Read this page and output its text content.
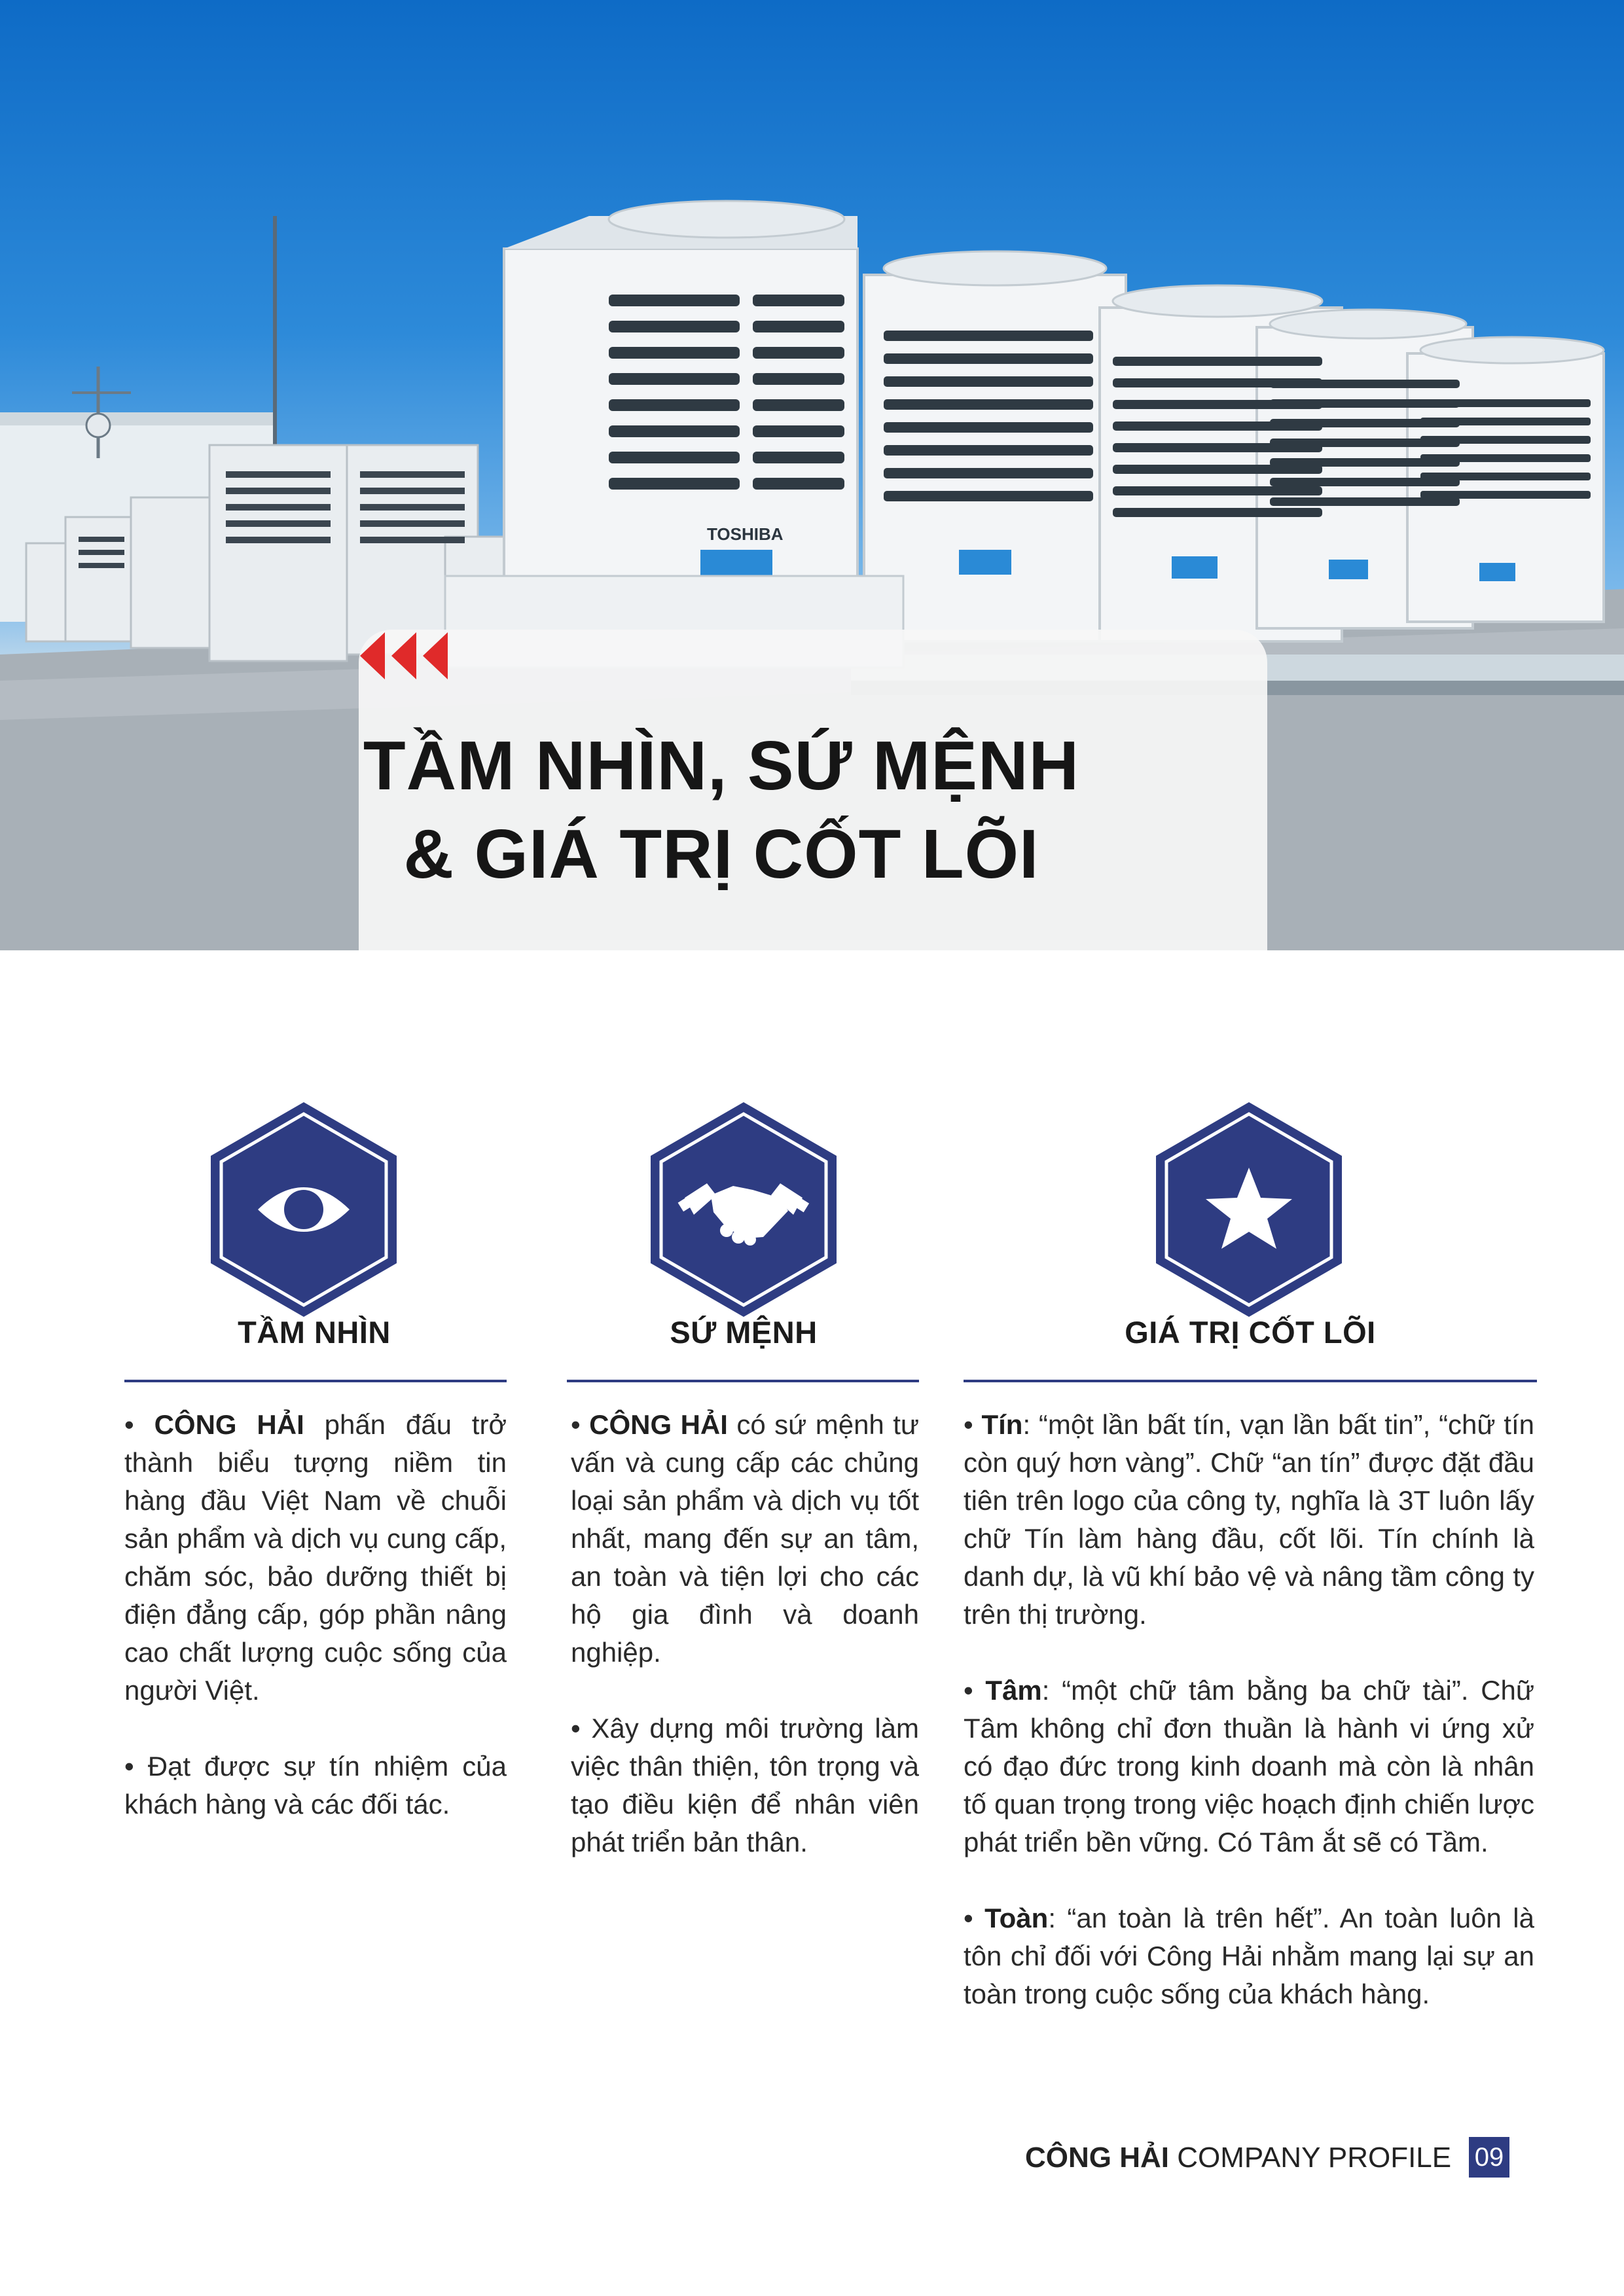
TOSHIBA
TẦM NHÌN, SỨ MỆNH
& GIÁ TRỊ CỐT LÕI
TẦM NHÌN

• CÔNG HẢI phấn đấu trở thành biểu tượng niềm tin hàng đầu Việt Nam về chuỗi sản phẩm và dịch vụ cung cấp, chăm sóc, bảo dưỡng thiết bị điện đẳng cấp, góp phần nâng cao chất lượng cuộc sống của người Việt.

• Đạt được sự tín nhiệm của khách hàng và các đối tác.

SỨ MỆNH

• CÔNG HẢI có sứ mệnh tư vấn và cung cấp các chủng loại sản phẩm và dịch vụ tốt nhất, mang đến sự an tâm, an toàn và tiện lợi cho các hộ gia đình và doanh nghiệp.

• Xây dựng môi trường làm việc thân thiện, tôn trọng và tạo điều kiện để nhân viên phát triển bản thân.

GIÁ TRỊ CỐT LÕI

• Tín: “một lần bất tín, vạn lần bất tin”, “chữ tín còn quý hơn vàng”. Chữ “an tín” được đặt đầu tiên trên logo của công ty, nghĩa là 3T luôn lấy chữ Tín làm hàng đầu, cốt lõi. Tín chính là danh dự, là vũ khí bảo vệ và nâng tầm công ty trên thị trường.

• Tâm: “một chữ tâm bằng ba chữ tài”. Chữ Tâm không chỉ đơn thuần là hành vi ứng xử có đạo đức trong kinh doanh mà còn là nhân tố quan trọng trong việc hoạch định chiến lược phát triển bền vững. Có Tâm ắt sẽ có Tầm.

• Toàn: “an toàn là trên hết”. An toàn luôn là tôn chỉ đối với Công Hải nhằm mang lại sự an toàn trong cuộc sống của khách hàng.

CÔNG HẢI COMPANY PROFILE 09
